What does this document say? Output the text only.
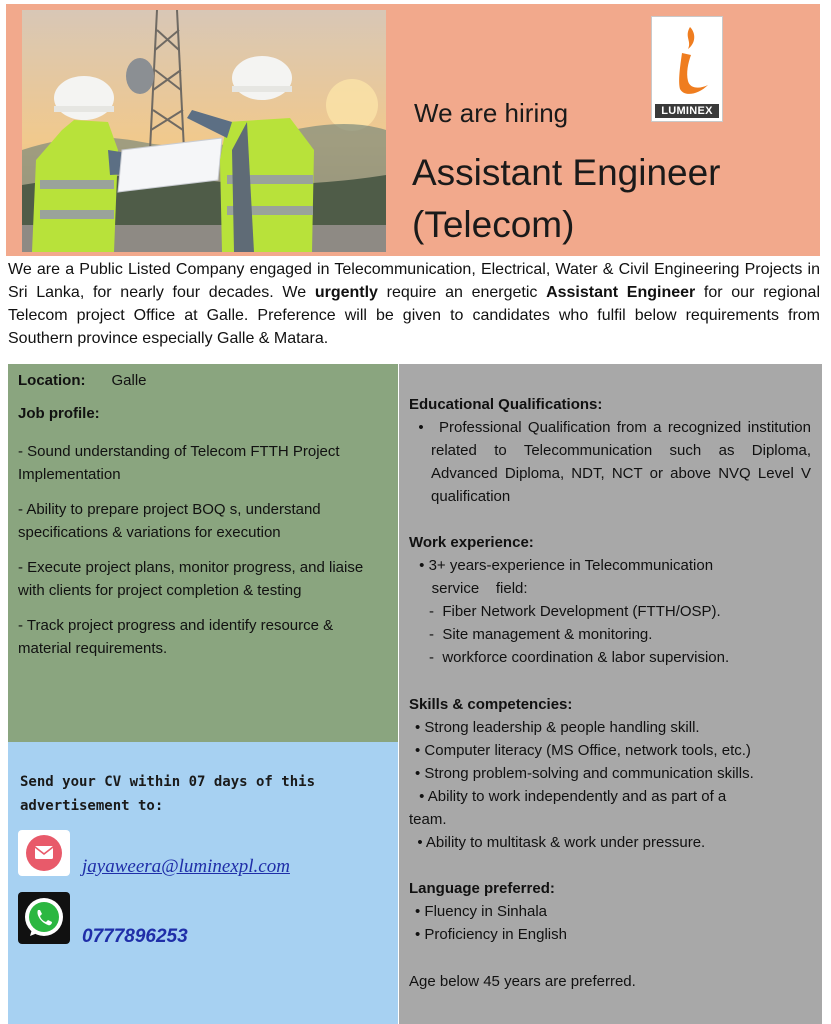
We are hiring
Assistant Engineer
(Telecom)
LUMINEX

We are a Public Listed Company engaged in Telecommunication, Electrical, Water & Civil Engineering Projects in Sri Lanka, for nearly four decades. We urgently require an energetic Assistant Engineer for our regional Telecom project Office at Galle. Preference will be given to candidates who fulfil below requirements from Southern province especially Galle & Matara.

Location: Galle
Job profile:
- Sound understanding of Telecom FTTH Project Implementation
- Ability to prepare project BOQ s, understand specifications & variations for execution
- Execute project plans, monitor progress, and liaise with clients for project completion & testing
- Track project progress and identify resource & material requirements.
Send your CV within 07 days of this advertisement to:
jayaweera@luminexpl.com
0777896253
Educational Qualifications:
•	Professional Qualification from a recognized institution related to Telecommunication such as Diploma, Advanced Diploma, NDT, NCT or above NVQ Level V qualification
Work experience:
• 3+ years-experience in Telecommunication
service    field:
-  Fiber Network Development (FTTH/OSP).
-  Site management & monitoring.
-  workforce coordination & labor supervision.
Skills & competencies:
• Strong leadership & people handling skill.
• Computer literacy (MS Office, network tools, etc.)
• Strong problem-solving and communication skills.
• Ability to work independently and as part of a
team.
• Ability to multitask & work under pressure.
Language preferred:
• Fluency in Sinhala
• Proficiency in English
Age below 45 years are preferred.
